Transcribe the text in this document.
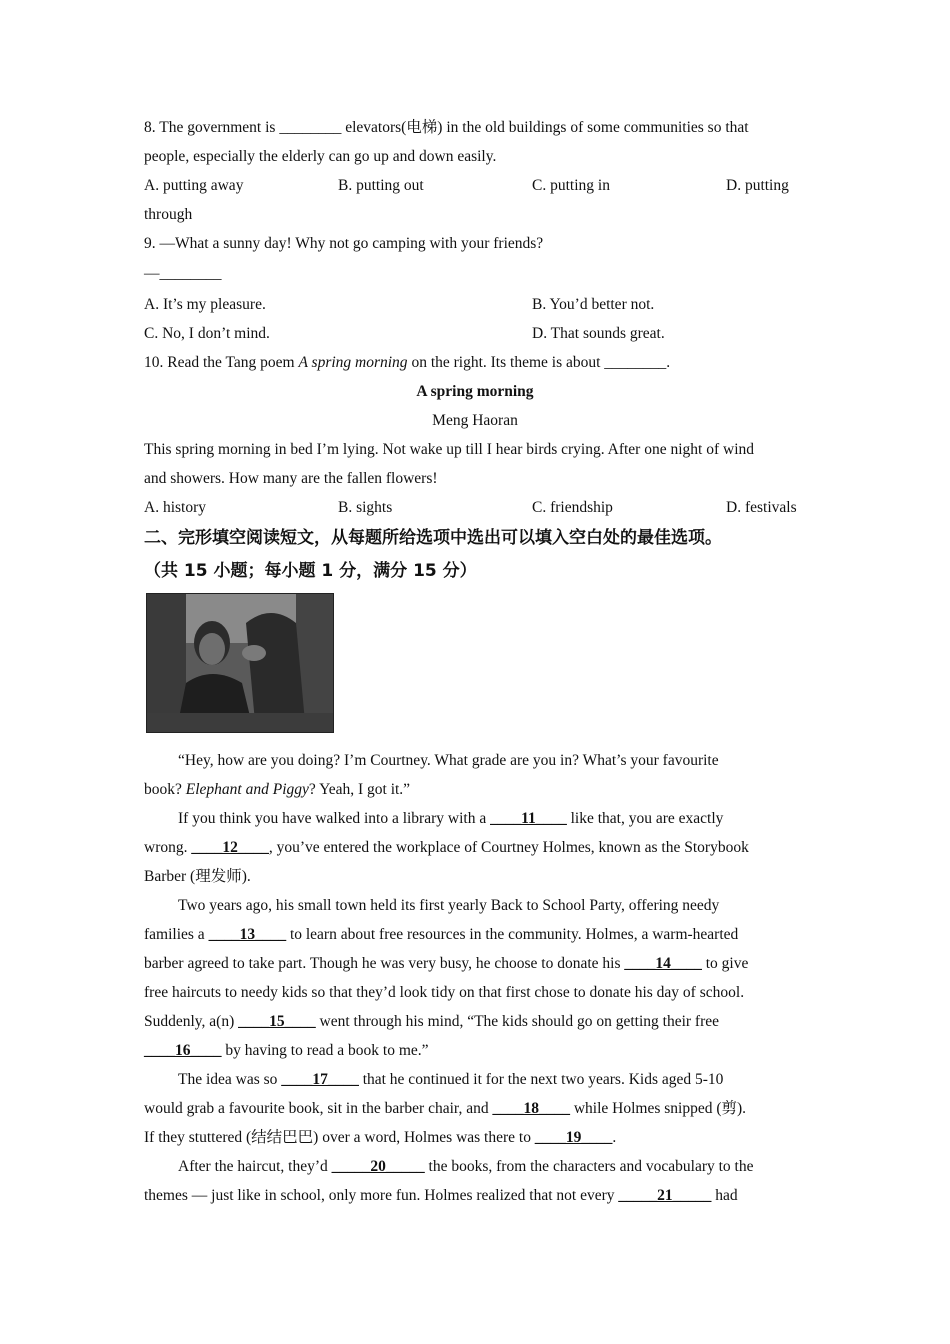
8. The government is ________ elevators(电梯) in the old buildings of some communities so that
people, especially the elderly can go up and down easily.
A. putting away	B. putting out	C. putting in	D. putting
through
9. —What a sunny day! Why not go camping with your friends?
—________
A. It’s my pleasure.	B. You’d better not.
C. No, I don’t mind.	D. That sounds great.
10. Read the Tang poem A spring morning on the right. Its theme is about ________.
A spring morning
Meng Haoran
This spring morning in bed I’m lying. Not wake up till I hear birds crying. After one night of wind
and showers. How many are the fallen flowers!
A. history	B. sights	C. friendship	D. festivals
二、完形填空阅读短文，从每题所给选项中选出可以填入空白处的最佳选项。
（共 15 小题；每小题 1 分，满分 15 分）
“Hey, how are you doing? I’m Courtney. What grade are you in? What’s your favourite
book? Elephant and Piggy? Yeah, I got it.”
If you think you have walked into a library with a ____11____ like that, you are exactly
wrong. ____12____, you’ve entered the workplace of Courtney Holmes, known as the Storybook
Barber (理发师).
Two years ago, his small town held its first yearly Back to School Party, offering needy
families a ____13____ to learn about free resources in the community. Holmes, a warm-hearted
barber agreed to take part. Though he was very busy, he choose to donate his ____14____ to give
free haircuts to needy kids so that they’d look tidy on that first chose to donate his day of school.
Suddenly, a(n) ____15____ went through his mind, “The kids should go on getting their free
____16____ by having to read a book to me.”
The idea was so ____17____ that he continued it for the next two years. Kids aged 5-10
would grab a favourite book, sit in the barber chair, and ____18____ while Holmes snipped (剪).
If they stuttered (结结巴巴) over a word, Holmes was there to ____19____.
After the haircut, they’d _____20_____ the books, from the characters and vocabulary to the
themes — just like in school, only more fun. Holmes realized that not every _____21_____ had
